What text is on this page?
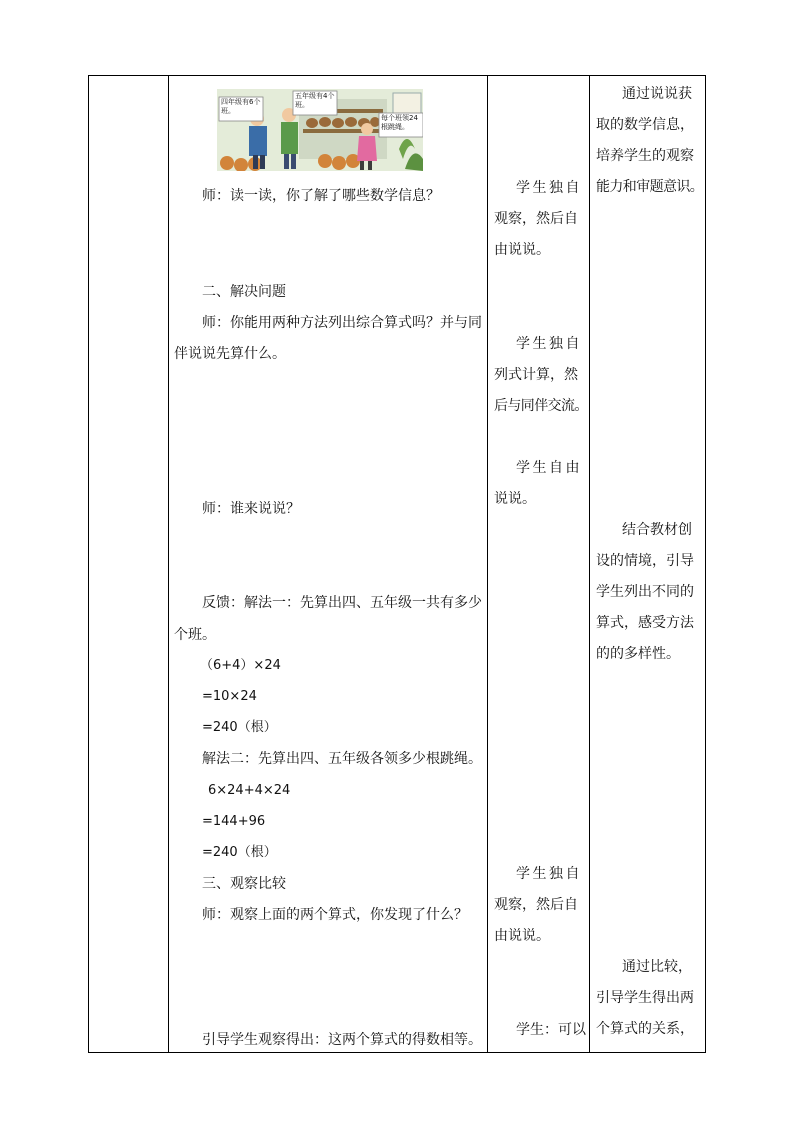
四年级有6个班。
五年级有4个班。
每个班领24根跳绳。
师：读一读，你了解了哪些数学信息？
二、解决问题
师：你能用两种方法列出综合算式吗？并与同
伴说说先算什么。
师：谁来说说？
反馈：解法一：先算出四、五年级一共有多少
个班。
（6+4）×24
=10×24
=240（根）
解法二：先算出四、五年级各领多少根跳绳。
6×24+4×24
=144+96
=240（根）
三、观察比较
师：观察上面的两个算式，你发现了什么？
引导学生观察得出：这两个算式的得数相等。
学生独自
观察，然后自
由说说。
学生独自
列式计算，然
后与同伴交流。
学生自由
说说。
学生独自
观察，然后自
由说说。
学生：可以
通过说说获
取的数学信息，
培养学生的观察
能力和审题意识。
结合教材创
设的情境，引导
学生列出不同的
算式，感受方法
的的多样性。
通过比较，
引导学生得出两
个算式的关系，
